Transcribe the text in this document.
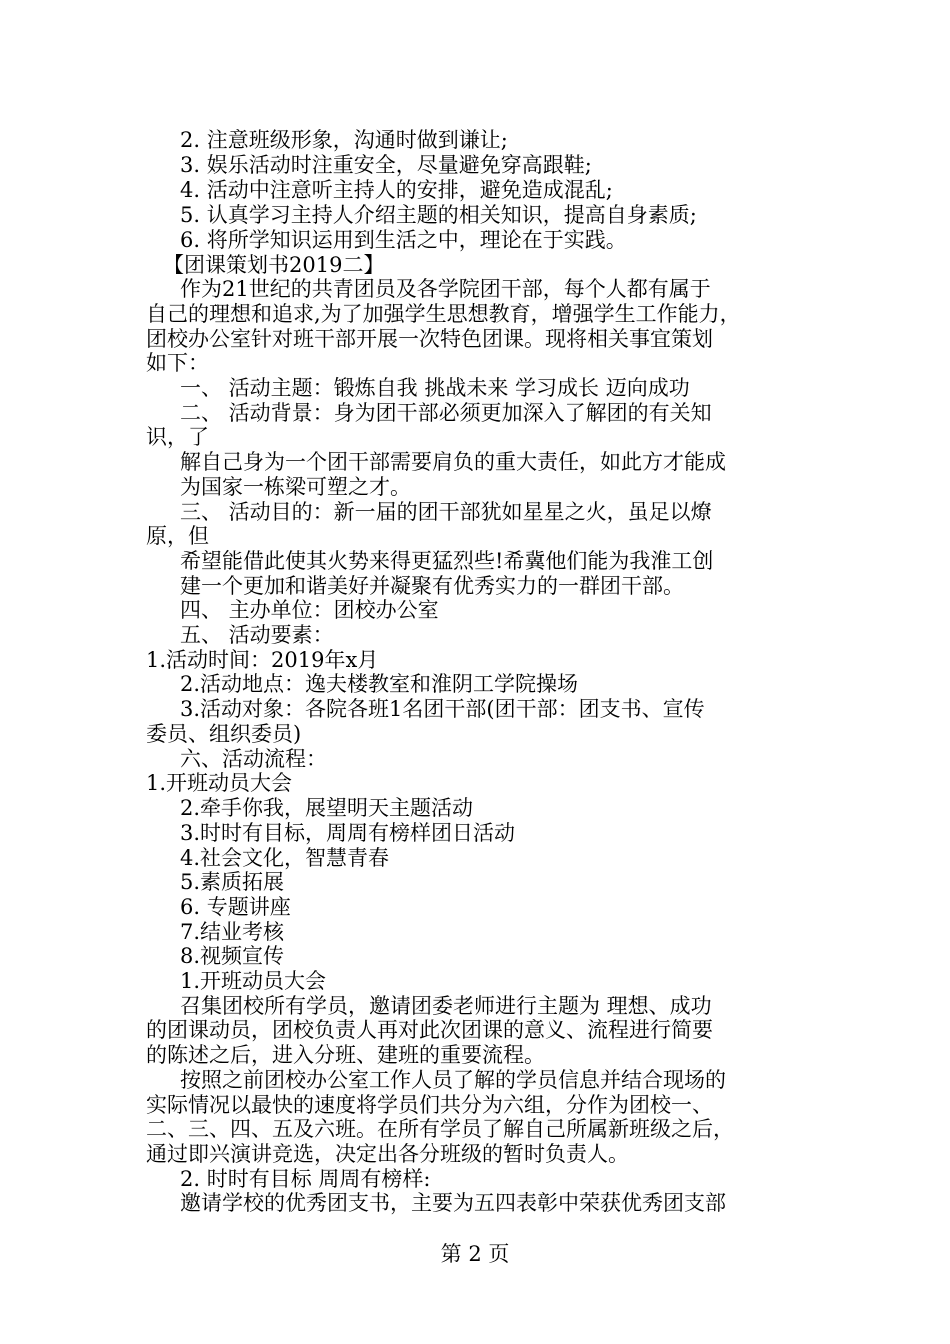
2. 注意班级形象，沟通时做到谦让;
3. 娱乐活动时注重安全，尽量避免穿高跟鞋;
4. 活动中注意听主持人的安排，避免造成混乱;
5. 认真学习主持人介绍主题的相关知识，提高自身素质;
6. 将所学知识运用到生活之中，理论在于实践。
【团课策划书2019二】
作为21世纪的共青团员及各学院团干部，每个人都有属于
自己的理想和追求,为了加强学生思想教育，增强学生工作能力，
团校办公室针对班干部开展一次特色团课。现将相关事宜策划
如下：
一、 活动主题：锻炼自我 挑战未来 学习成长 迈向成功
二、 活动背景：身为团干部必须更加深入了解团的有关知
识，了
解自己身为一个团干部需要肩负的重大责任，如此方才能成
为国家一栋梁可塑之才。
三、 活动目的：新一届的团干部犹如星星之火，虽足以燎
原，但
希望能借此使其火势来得更猛烈些!希冀他们能为我淮工创
建一个更加和谐美好并凝聚有优秀实力的一群团干部。
四、 主办单位：团校办公室
五、 活动要素：
1.活动时间：2019年x月
2.活动地点：逸夫楼教室和淮阴工学院操场
3.活动对象：各院各班1名团干部(团干部：团支书、宣传
委员、组织委员)
六、活动流程：
1.开班动员大会
2.牵手你我，展望明天主题活动
3.时时有目标，周周有榜样团日活动
4.社会文化，智慧青春
5.素质拓展
6. 专题讲座
7.结业考核
8.视频宣传
1.开班动员大会
召集团校所有学员，邀请团委老师进行主题为 理想、成功
的团课动员，团校负责人再对此次团课的意义、流程进行简要
的陈述之后，进入分班、建班的重要流程。
按照之前团校办公室工作人员了解的学员信息并结合现场的
实际情况以最快的速度将学员们共分为六组，分作为团校一、
二、三、四、五及六班。在所有学员了解自己所属新班级之后，
通过即兴演讲竞选，决定出各分班级的暂时负责人。
2. 时时有目标 周周有榜样:
邀请学校的优秀团支书，主要为五四表彰中荣获优秀团支部
第 2 页
